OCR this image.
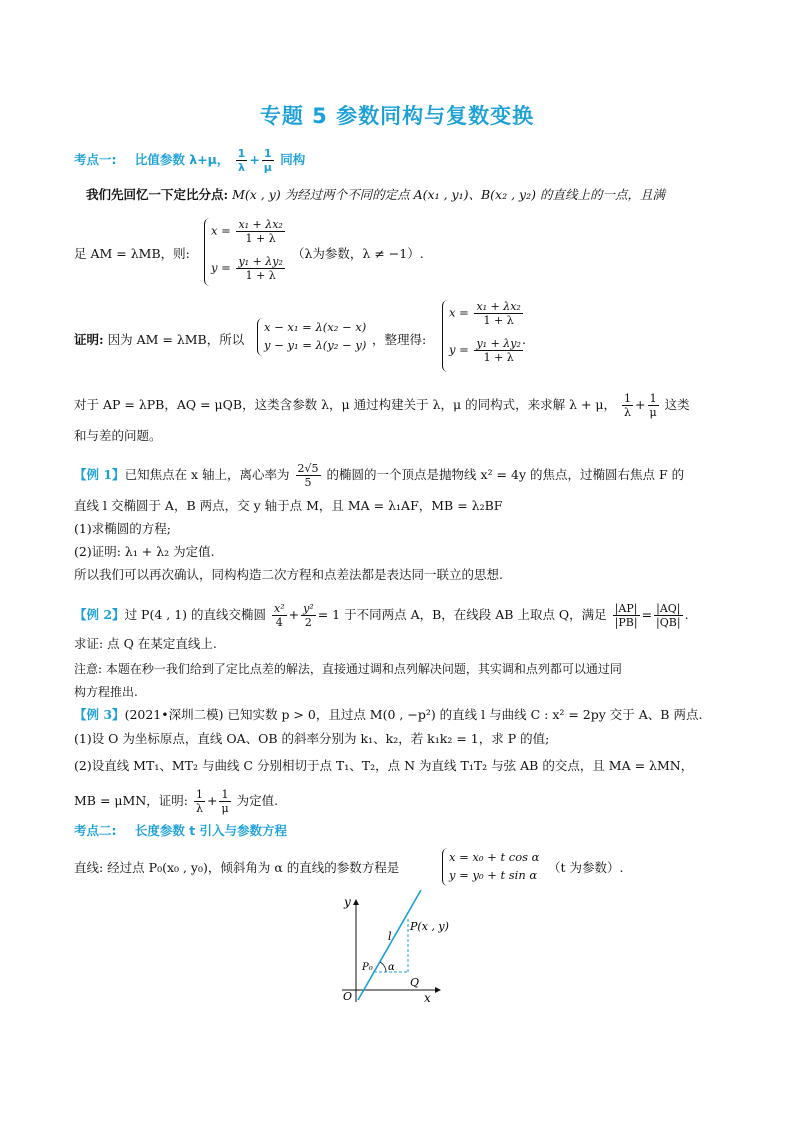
专题 5 参数同构与复数变换
考点一: 比值参数 λ+μ， $\frac{1}{\lambda} + \frac{1}{\mu}$ 同构
我们先回忆一下定比分点: M(x , y) 为经过两个不同的定点 A(x₁ , y₁)、B(x₂ , y₂) 的直线上的一点，且满
足 AM = λMB，则:
$x = \frac{\text{x₁ + λx₂}}{1 + \lambda}$
$y = \frac{\text{y₁ + λy₂}}{1 + \lambda}$
（λ为参数，λ ≠ −1）.
证明: 因为 AM = λMB，所以
x − x₁ = λ(x₂ − x)
y − y₁ = λ(y₂ − y) ，整理得:
$x = \frac{\text{x₁ + λx₂}}{1 + \lambda}$
$y = \frac{\text{y₁ + λy₂}}{1 + \lambda}$ .
对于 AP = λPB，AQ = μQB，这类含参数 λ，μ 通过构建关于 λ，μ 的同构式，来求解 λ + μ， $\frac{1}{\lambda} + \frac{1}{\mu}$ 这类
和与差的问题。
【例 1】已知焦点在 x 轴上，离心率为 $\frac{2√5}{5}$ 的椭圆的一个顶点是抛物线 x² = 4y 的焦点，过椭圆右焦点 F 的
直线 l 交椭圆于 A，B 两点，交 y 轴于点 M，且 MA = λ₁AF，MB = λ₂BF
(1)求椭圆的方程;
(2)证明: λ₁ + λ₂ 为定值.
所以我们可以再次确认，同构构造二次方程和点差法都是表达同一联立的思想.
【例 2】过 P(4 , 1) 的直线交椭圆 $\frac{\text{x²}}{4} + \frac{\text{y²}}{2} = 1$ 于不同两点 A，B，在线段 AB 上取点 Q，满足 $\frac{|AP|}{|PB|} = \frac{|AQ|}{|QB|}$ .
求证: 点 Q 在某定直线上.
注意: 本题在秒一我们给到了定比点差的解法，直接通过调和点列解决问题，其实调和点列都可以通过同
构方程推出.
【例 3】(2021•深圳二模) 已知实数 p > 0，且过点 M(0 , −p²) 的直线 l 与曲线 C : x² = 2py 交于 A、B 两点.
(1)设 O 为坐标原点，直线 OA、OB 的斜率分别为 k₁、k₂，若 k₁k₂ = 1，求 P 的值;
(2)设直线 MT₁、MT₂ 与曲线 C 分别相切于点 T₁、T₂，点 N 为直线 T₁T₂ 与弦 AB 的交点，且 MA = λMN，
MB = μMN，证明: $\frac{1}{\lambda} + \frac{1}{\mu}$ 为定值.
考点二: 长度参数 t 引入与参数方程
直线: 经过点 P₀(x₀ , y₀)，倾斜角为 α 的直线的参数方程是
x = x₀ + t cos α
y = y₀ + t sin α （t 为参数）.
y
x
O
P₀ α
Q
l
P(x , y)
